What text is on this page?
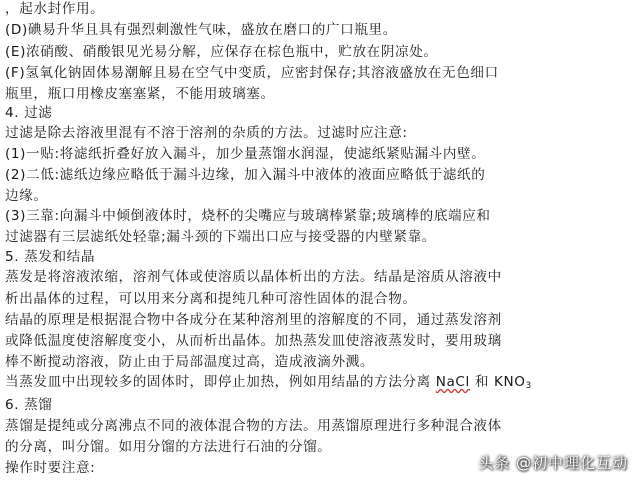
，起水封作用。
(D)碘易升华且具有强烈刺激性气味，盛放在磨口的广口瓶里。
(E)浓硝酸、硝酸银见光易分解，应保存在棕色瓶中，贮放在阴凉处。
(F)氢氧化钠固体易潮解且易在空气中变质，应密封保存;其溶液盛放在无色细口
瓶里，瓶口用橡皮塞塞紧，不能用玻璃塞。
4. 过滤
过滤是除去溶液里混有不溶于溶剂的杂质的方法。过滤时应注意:
(1)一贴:将滤纸折叠好放入漏斗，加少量蒸馏水润湿，使滤纸紧贴漏斗内壁。
(2)二低:滤纸边缘应略低于漏斗边缘，加入漏斗中液体的液面应略低于滤纸的
边缘。
(3)三靠:向漏斗中倾倒液体时，烧杯的尖嘴应与玻璃棒紧靠;玻璃棒的底端应和
过滤器有三层滤纸处轻靠;漏斗颈的下端出口应与接受器的内壁紧靠。
5. 蒸发和结晶
蒸发是将溶液浓缩，溶剂气体或使溶质以晶体析出的方法。结晶是溶质从溶液中
析出晶体的过程，可以用来分离和提纯几种可溶性固体的混合物。
结晶的原理是根据混合物中各成分在某种溶剂里的溶解度的不同，通过蒸发溶剂
或降低温度使溶解度变小，从而析出晶体。加热蒸发皿使溶液蒸发时，要用玻璃
棒不断搅动溶液，防止由于局部温度过高，造成液滴外溅。
当蒸发皿中出现较多的固体时，即停止加热，例如用结晶的方法分离 NaCl 和 $KNO_3$
6. 蒸馏
蒸馏是提纯或分离沸点不同的液体混合物的方法。用蒸馏原理进行多种混合液体
的分离，叫分馏。如用分馏的方法进行石油的分馏。
操作时要注意:	头条 @初中理化互动
